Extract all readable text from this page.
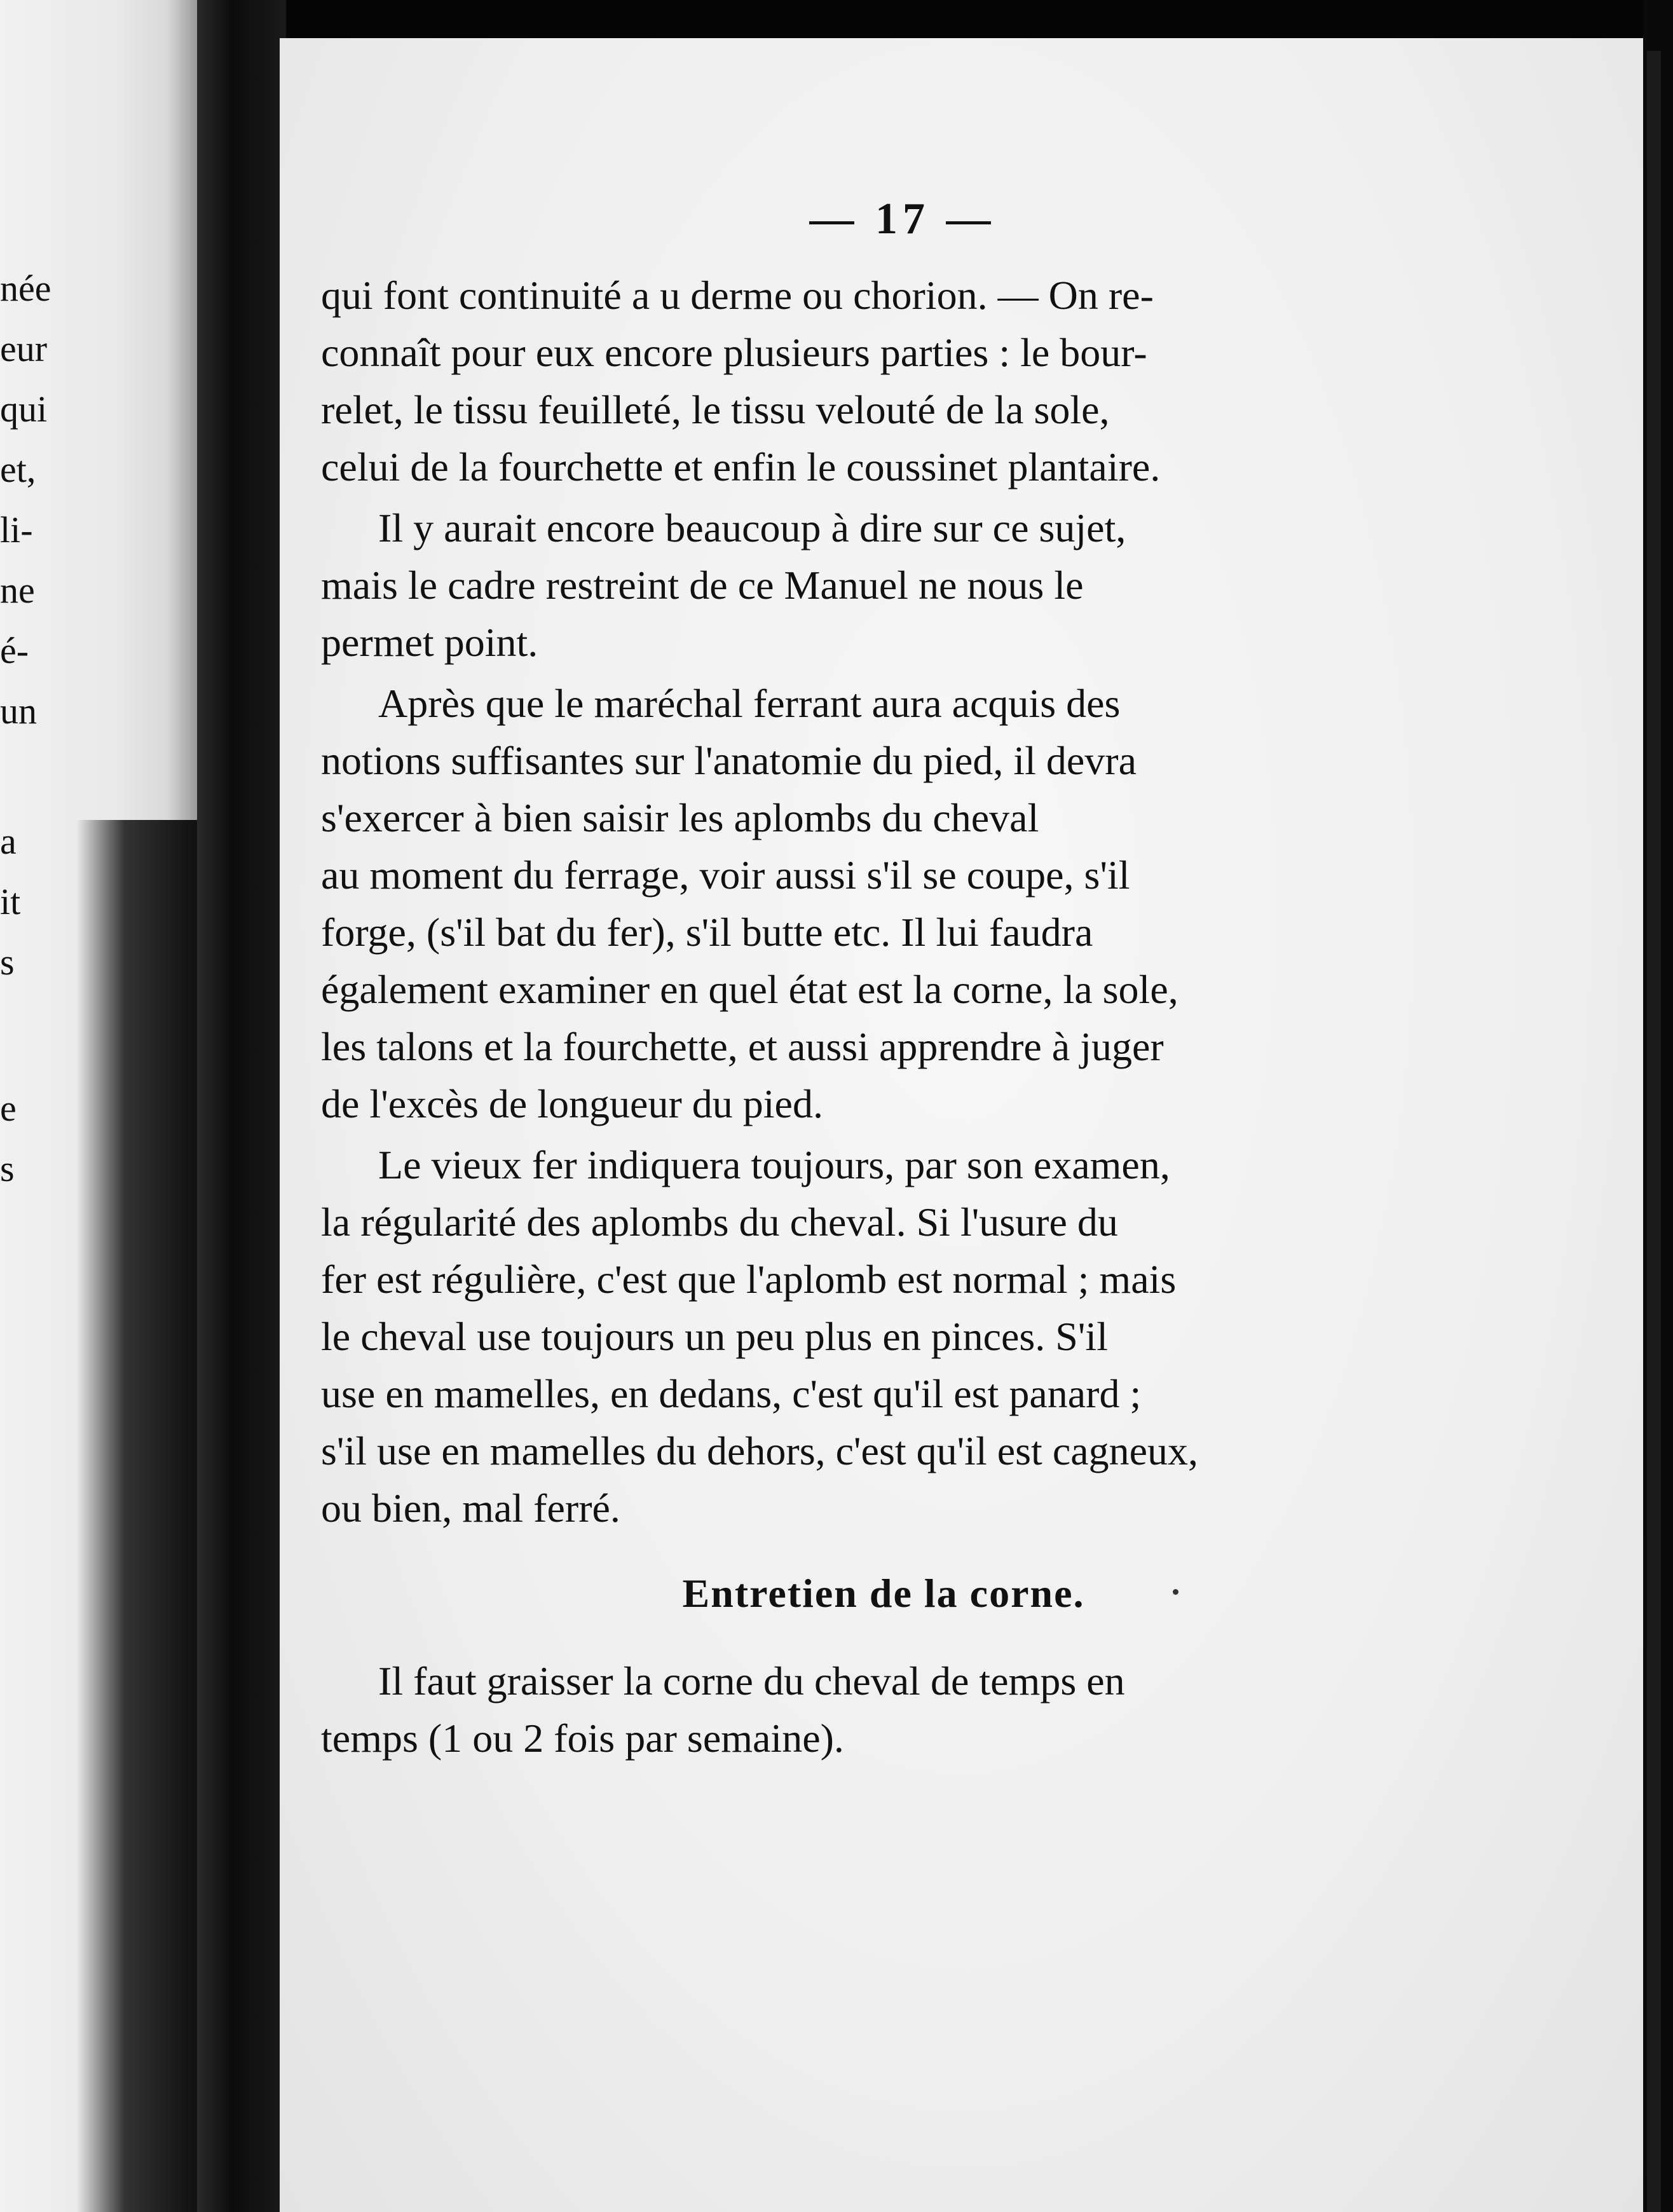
née
eur
qui
et,
li-
ne
é-
un
a
it
s
e
s
— 17 —
qui font continuité a u derme ou chorion. — On re-
connaît pour eux encore plusieurs parties : le bour-
relet, le tissu feuilleté, le tissu velouté de la sole,
celui de la fourchette et enfin le coussinet plantaire.
Il y aurait encore beaucoup à dire sur ce sujet,
mais le cadre restreint de ce Manuel ne nous le
permet point.
Après que le maréchal ferrant aura acquis des
notions suffisantes sur l'anatomie du pied, il devra
s'exercer à bien saisir les aplombs du cheval
au moment du ferrage, voir aussi s'il se coupe, s'il
forge, (s'il bat du fer), s'il butte etc. Il lui faudra
également examiner en quel état est la corne, la sole,
les talons et la fourchette, et aussi apprendre à juger
de l'excès de longueur du pied.
Le vieux fer indiquera toujours, par son examen,
la régularité des aplombs du cheval. Si l'usure du
fer est régulière, c'est que l'aplomb est normal ; mais
le cheval use toujours un peu plus en pinces. S'il
use en mamelles, en dedans, c'est qu'il est panard ;
s'il use en mamelles du dehors, c'est qu'il est cagneux,
ou bien, mal ferré.
Entretien de la corne.
Il faut graisser la corne du cheval de temps en
temps (1 ou 2 fois par semaine).
